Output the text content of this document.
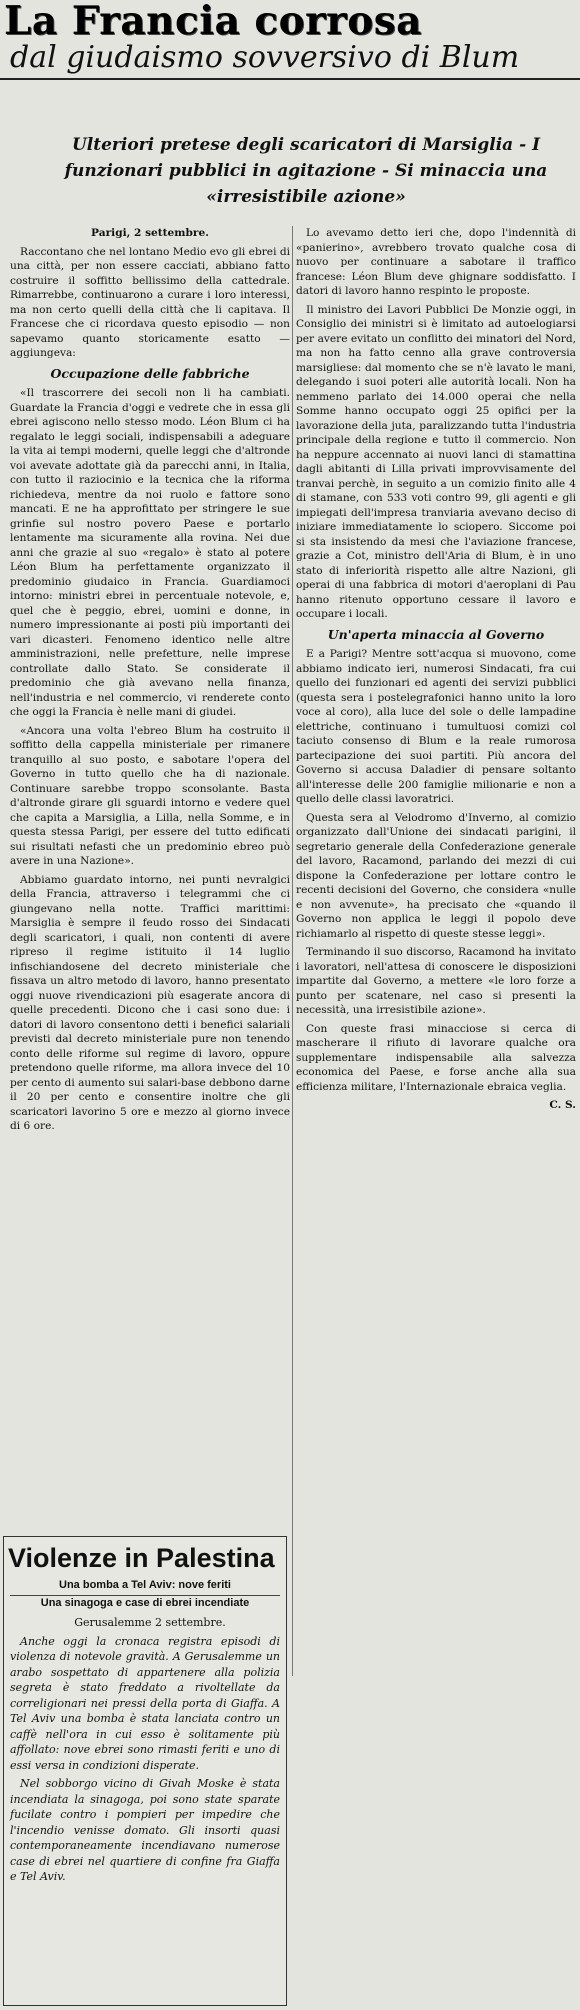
La Francia corrosa
dal giudaismo sovversivo di Blum
Ulteriori pretese degli scaricatori di Marsiglia - I funzionari pubblici in agitazione - Si minaccia una «irresistibile azione»

Parigi, 2 settembre.

Raccontano che nel lontano Medio evo gli ebrei di una città, per non essere cacciati, abbiano fatto costruire il soffitto bellissimo della cattedrale. Rimarrebbe, continuarono a curare i loro interessi, ma non certo quelli della città che li capitava. Il Francese che ci ricordava questo episodio — non sapevamo quanto storicamente esatto — aggiungeva:

Occupazione delle fabbriche

«Il trascorrere dei secoli non li ha cambiati. Guardate la Francia d'oggi e vedrete che in essa gli ebrei agiscono nello stesso modo. Léon Blum ci ha regalato le leggi sociali, indispensabili a adeguare la vita ai tempi moderni, quelle leggi che d'altronde voi avevate adottate già da parecchi anni, in Italia, con tutto il raziocinio e la tecnica che la riforma richiedeva, mentre da noi ruolo e fattore sono mancati. E ne ha approfittato per stringere le sue grinfie sul nostro povero Paese e portarlo lentamente ma sicuramente alla rovina. Nei due anni che grazie al suo «regalo» è stato al potere Léon Blum ha perfettamente organizzato il predominio giudaico in Francia. Guardiamoci intorno: ministri ebrei in percentuale notevole, e, quel che è peggio, ebrei, uomini e donne, in numero impressionante ai posti più importanti dei vari dicasteri. Fenomeno identico nelle altre amministrazioni, nelle prefetture, nelle imprese controllate dallo Stato. Se considerate il predominio che già avevano nella finanza, nell'industria e nel commercio, vi renderete conto che oggi la Francia è nelle mani di giudei.

«Ancora una volta l'ebreo Blum ha costruito il soffitto della cappella ministeriale per rimanere tranquillo al suo posto, e sabotare l'opera del Governo in tutto quello che ha di nazionale. Continuare sarebbe troppo sconsolante. Basta d'altronde girare gli sguardi intorno e vedere quel che capita a Marsiglia, a Lilla, nella Somme, e in questa stessa Parigi, per essere del tutto edificati sui risultati nefasti che un predominio ebreo può avere in una Nazione».

Abbiamo guardato intorno, nei punti nevralgici della Francia, attraverso i telegrammi che ci giungevano nella notte. Traffici marittimi: Marsiglia è sempre il feudo rosso dei Sindacati degli scaricatori, i quali, non contenti di avere ripreso il regime istituito il 14 luglio infischiandosene del decreto ministeriale che fissava un altro metodo di lavoro, hanno presentato oggi nuove rivendicazioni più esagerate ancora di quelle precedenti. Dicono che i casi sono due: i datori di lavoro consentono detti i benefici salariali previsti dal decreto ministeriale pure non tenendo conto delle riforme sul regime di lavoro, oppure pretendono quelle riforme, ma allora invece del 10 per cento di aumento sui salari-base debbono darne il 20 per cento e consentire inoltre che gli scaricatori lavorino 5 ore e mezzo al giorno invece di 6 ore.

Lo avevamo detto ieri che, dopo l'indennità di «panierino», avrebbero trovato qualche cosa di nuovo per continuare a sabotare il traffico francese: Léon Blum deve ghignare soddisfatto. I datori di lavoro hanno respinto le proposte.

Il ministro dei Lavori Pubblici De Monzie oggi, in Consiglio dei ministri si è limitato ad autoelogiarsi per avere evitato un conflitto dei minatori del Nord, ma non ha fatto cenno alla grave controversia marsigliese: dal momento che se n'è lavato le mani, delegando i suoi poteri alle autorità locali. Non ha nemmeno parlato dei 14.000 operai che nella Somme hanno occupato oggi 25 opifici per la lavorazione della juta, paralizzando tutta l'industria principale della regione e tutto il commercio. Non ha neppure accennato ai nuovi lanci di stamattina dagli abitanti di Lilla privati improvvisamente del tranvai perchè, in seguito a un comizio finito alle 4 di stamane, con 533 voti contro 99, gli agenti e gli impiegati dell'impresa tranviaria avevano deciso di iniziare immediatamente lo sciopero. Siccome poi si sta insistendo da mesi che l'aviazione francese, grazie a Cot, ministro dell'Aria di Blum, è in uno stato di inferiorità rispetto alle altre Nazioni, gli operai di una fabbrica di motori d'aeroplani di Pau hanno ritenuto opportuno cessare il lavoro e occupare i locali.

Un'aperta minaccia al Governo

E a Parigi? Mentre sott'acqua si muovono, come abbiamo indicato ieri, numerosi Sindacati, fra cui quello dei funzionari ed agenti dei servizi pubblici (questa sera i postelegrafonici hanno unito la loro voce al coro), alla luce del sole o delle lampadine elettriche, continuano i tumultuosi comizi col taciuto consenso di Blum e la reale rumorosa partecipazione dei suoi partiti. Più ancora del Governo si accusa Daladier di pensare soltanto all'interesse delle 200 famiglie milionarie e non a quello delle classi lavoratrici.

Questa sera al Velodromo d'Inverno, al comizio organizzato dall'Unione dei sindacati parigini, il segretario generale della Confederazione generale del lavoro, Racamond, parlando dei mezzi di cui dispone la Confederazione per lottare contro le recenti decisioni del Governo, che considera «nulle e non avvenute», ha precisato che «quando il Governo non applica le leggi il popolo deve richiamarlo al rispetto di queste stesse leggi».

Terminando il suo discorso, Racamond ha invitato i lavoratori, nell'attesa di conoscere le disposizioni impartite dal Governo, a mettere «le loro forze a punto per scatenare, nel caso si presenti la necessità, una irresistibile azione».

Con queste frasi minacciose si cerca di mascherare il rifiuto di lavorare qualche ora supplementare indispensabile alla salvezza economica del Paese, e forse anche alla sua efficienza militare, l'Internazionale ebraica veglia.

C. S.
Violenze in Palestina
Una bomba a Tel Aviv: nove feriti
Una sinagoga e case di ebrei incendiate

Gerusalemme 2 settembre.

Anche oggi la cronaca registra episodi di violenza di notevole gravità. A Gerusalemme un arabo sospettato di appartenere alla polizia segreta è stato freddato a rivoltellate da correligionari nei pressi della porta di Giaffa. A Tel Aviv una bomba è stata lanciata contro un caffè nell'ora in cui esso è solitamente più affollato: nove ebrei sono rimasti feriti e uno di essi versa in condizioni disperate.

Nel sobborgo vicino di Givah Moske è stata incendiata la sinagoga, poi sono state sparate fucilate contro i pompieri per impedire che l'incendio venisse domato. Gli insorti quasi contemporaneamente incendiavano numerose case di ebrei nel quartiere di confine fra Giaffa e Tel Aviv.
